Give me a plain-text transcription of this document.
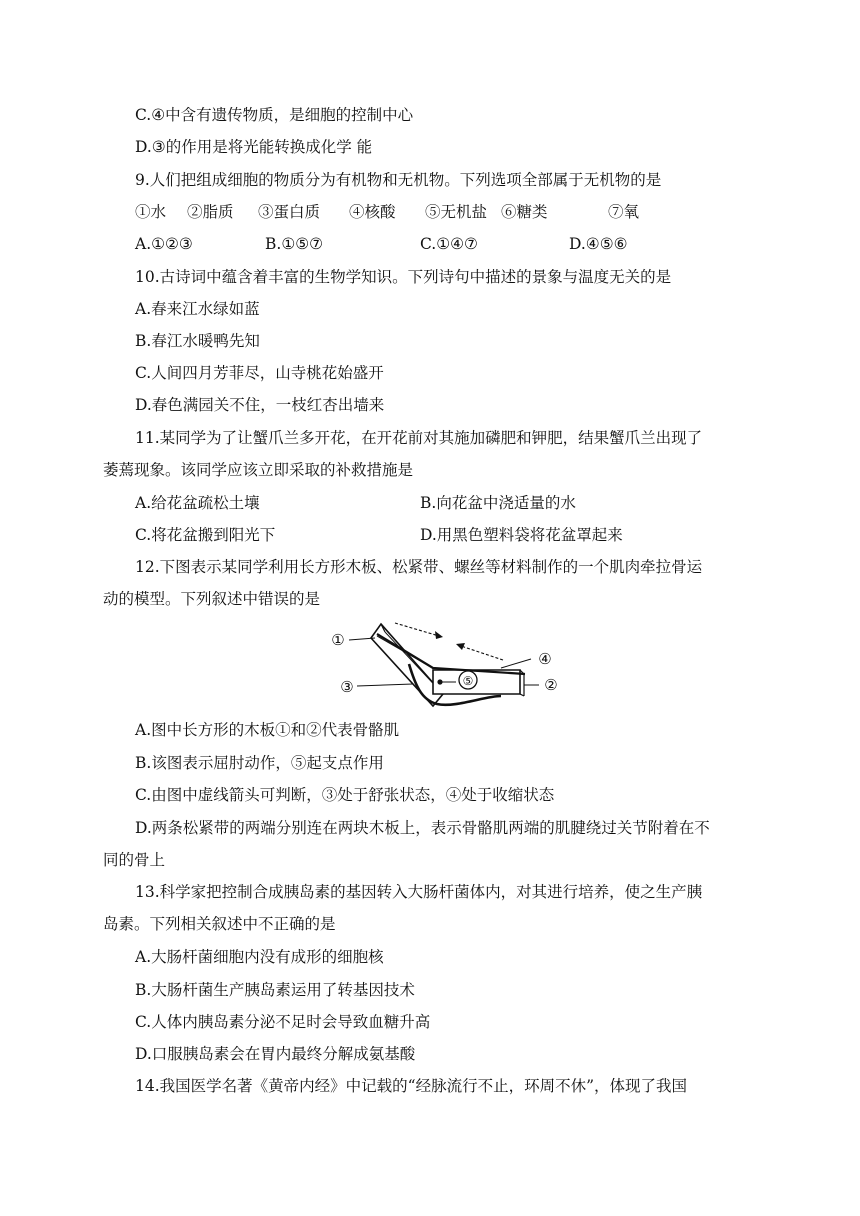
C.④中含有遗传物质，是细胞的控制中心
D.③的作用是将光能转换成化学 能
9.人们把组成细胞的物质分为有机物和无机物。下列选项全部属于无机物的是
①水 ②脂质 ③蛋白质 ④核酸 ⑤无机盐 ⑥糖类	⑦氧
A.①②③	B.①⑤⑦	C.①④⑦	D.④⑤⑥
10.古诗词中蕴含着丰富的生物学知识。下列诗句中描述的景象与温度无关的是
A.春来江水绿如蓝
B.春江水暖鸭先知
C.人间四月芳菲尽，山寺桃花始盛开
D.春色满园关不住，一枝红杏出墙来
11.某同学为了让蟹爪兰多开花，在开花前对其施加磷肥和钾肥，结果蟹爪兰出现了
萎蔫现象。该同学应该立即采取的补救措施是
A.给花盆疏松土壤	B.向花盆中浇适量的水
C.将花盆搬到阳光下	D.用黑色塑料袋将花盆罩起来
12.下图表示某同学利用长方形木板、松紧带、螺丝等材料制作的一个肌肉牵拉骨运
动的模型。下列叙述中错误的是
⑤
①
②
③
④
A.图中长方形的木板①和②代表骨骼肌
B.该图表示屈肘动作，⑤起支点作用
C.由图中虚线箭头可判断，③处于舒张状态，④处于收缩状态
D.两条松紧带的两端分别连在两块木板上，表示骨骼肌两端的肌腱绕过关节附着在不
同的骨上
13.科学家把控制合成胰岛素的基因转入大肠杆菌体内，对其进行培养，使之生产胰
岛素。下列相关叙述中不正确的是
A.大肠杆菌细胞内没有成形的细胞核
B.大肠杆菌生产胰岛素运用了转基因技术
C.人体内胰岛素分泌不足时会导致血糖升高
D.口服胰岛素会在胃内最终分解成氨基酸
14.我国医学名著《黄帝内经》中记载的“经脉流行不止，环周不休”，体现了我国
